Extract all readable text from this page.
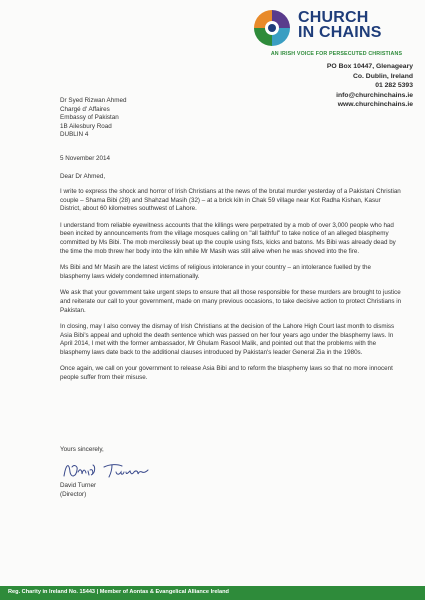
CHURCH
IN CHAINS
AN IRISH VOICE FOR PERSECUTED CHRISTIANS
PO Box 10447, Glenageary
Co. Dublin, Ireland
01 282 5393
info@churchinchains.ie
www.churchinchains.ie
Dr Syed Rizwan Ahmed
Chargé d' Affaires
Embassy of Pakistan
1B Ailesbury Road
DUBLIN 4
5 November 2014
Dear Dr Ahmed,

I write to express the shock and horror of Irish Christians at the news of the brutal murder yesterday of a Pakistani Christian couple – Shama Bibi (28) and Shahzad Masih (32) – at a brick kiln in Chak 59 village near Kot Radha Kishan, Kasur District, about 60 kilometres southwest of Lahore.

I understand from reliable eyewitness accounts that the killings were perpetrated by a mob of over 3,000 people who had been incited by announcements from the village mosques calling on "all faithful" to take notice of an alleged blasphemy committed by Ms Bibi. The mob mercilessly beat up the couple using fists, kicks and batons. Ms Bibi was already dead by the time the mob threw her body into the kiln while Mr Masih was still alive when he was shoved into the fire.

Ms Bibi and Mr Masih are the latest victims of religious intolerance in your country – an intolerance fuelled by the blasphemy laws widely condemned internationally.

We ask that your government take urgent steps to ensure that all those responsible for these murders are brought to justice and reiterate our call to your government, made on many previous occasions, to take decisive action to protect Christians in Pakistan.

In closing, may I also convey the dismay of Irish Christians at the decision of the Lahore High Court last month to dismiss Asia Bibi's appeal and uphold the death sentence which was passed on her four years ago under the blasphemy laws. In April 2014, I met with the former ambassador, Mr Ghulam Rasool Malik, and pointed out that the problems with the blasphemy laws date back to the additional clauses introduced by Pakistan's leader General Zia in the 1980s.

Once again, we call on your government to release Asia Bibi and to reform the blasphemy laws so that no more innocent people suffer from their misuse.

Yours sincerely,
David Turner
(Director)
Reg. Charity in Ireland No. 15443 | Member of Aontas & Evangelical Alliance Ireland
